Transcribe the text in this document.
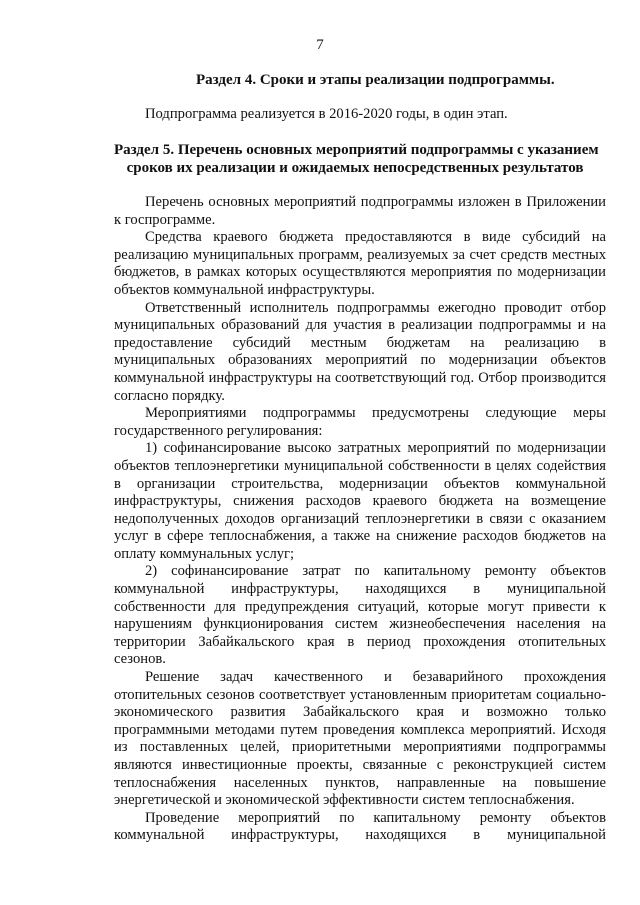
7
Раздел 4. Сроки и этапы реализации подпрограммы.
Подпрограмма реализуется в 2016-2020 годы, в один этап.
Раздел 5. Перечень основных мероприятий подпрограммы с указанием
сроков их реализации и ожидаемых непосредственных результатов

Перечень основных мероприятий подпрограммы изложен в Приложении к госпрограмме.

Средства краевого бюджета предоставляются в виде субсидий на реализацию муниципальных программ, реализуемых за счет средств местных бюджетов, в рамках которых осуществляются мероприятия по модернизации объектов коммунальной инфраструктуры.

Ответственный исполнитель подпрограммы ежегодно проводит отбор муниципальных образований для участия в реализации подпрограммы и на предоставление субсидий местным бюджетам на реализацию в муниципальных образованиях мероприятий по модернизации объектов коммунальной инфраструктуры на соответствующий год. Отбор производится согласно порядку.

Мероприятиями подпрограммы предусмотрены следующие меры государственного регулирования:

1) софинансирование высоко затратных мероприятий по модернизации объектов теплоэнергетики муниципальной собственности в целях содействия в организации строительства, модернизации объектов коммунальной инфраструктуры, снижения расходов краевого бюджета на возмещение недополученных доходов организаций теплоэнергетики в связи с оказанием услуг в сфере теплоснабжения, а также на снижение расходов бюджетов на оплату коммунальных услуг;

2) софинансирование затрат по капитальному ремонту объектов коммунальной инфраструктуры, находящихся в муниципальной собственности для предупреждения ситуаций, которые могут привести к нарушениям функционирования систем жизнеобеспечения населения на территории Забайкальского края в период прохождения отопительных сезонов.

Решение задач качественного и безаварийного прохождения отопительных сезонов соответствует установленным приоритетам социально-экономического развития Забайкальского края и возможно только программными методами путем проведения комплекса мероприятий. Исходя из поставленных целей, приоритетными мероприятиями подпрограммы являются инвестиционные проекты, связанные с реконструкцией систем теплоснабжения населенных пунктов, направленные на повышение энергетической и экономической эффективности систем теплоснабжения.

Проведение мероприятий по капитальному ремонту объектов коммунальной инфраструктуры, находящихся в муниципальной
